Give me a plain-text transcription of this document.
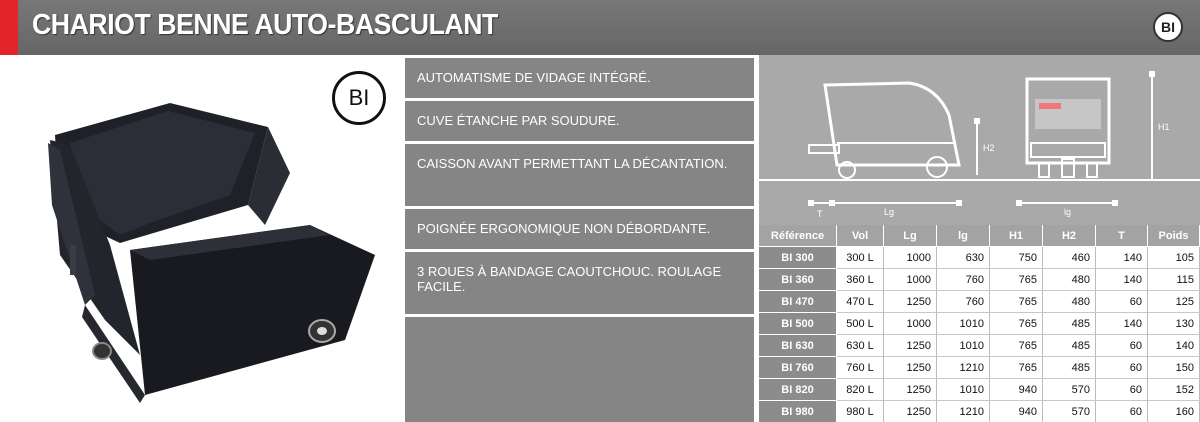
CHARIOT BENNE AUTO-BASCULANT	BI
BI
AUTOMATISME DE VIDAGE INTÉGRÉ.
CUVE ÉTANCHE PAR SOUDURE.
CAISSON AVANT PERMETTANT LA DÉCANTATION.
POIGNÉE ERGONOMIQUE NON DÉBORDANTE.
3 ROUES À BANDAGE CAOUTCHOUC. ROULAGE FACILE.
H2
H1
T	Lg	lg
Référence	Vol	Lg	lg	H1	H2	T	Poids
BI 300	300 L	1000	630	750	460	140	105
BI 360	360 L	1000	760	765	480	140	115
BI 470	470 L	1250	760	765	480	60	125
BI 500	500 L	1000	1010	765	485	140	130
BI 630	630 L	1250	1010	765	485	60	140
BI 760	760 L	1250	1210	765	485	60	150
BI 820	820 L	1250	1010	940	570	60	152
BI 980	980 L	1250	1210	940	570	60	160
